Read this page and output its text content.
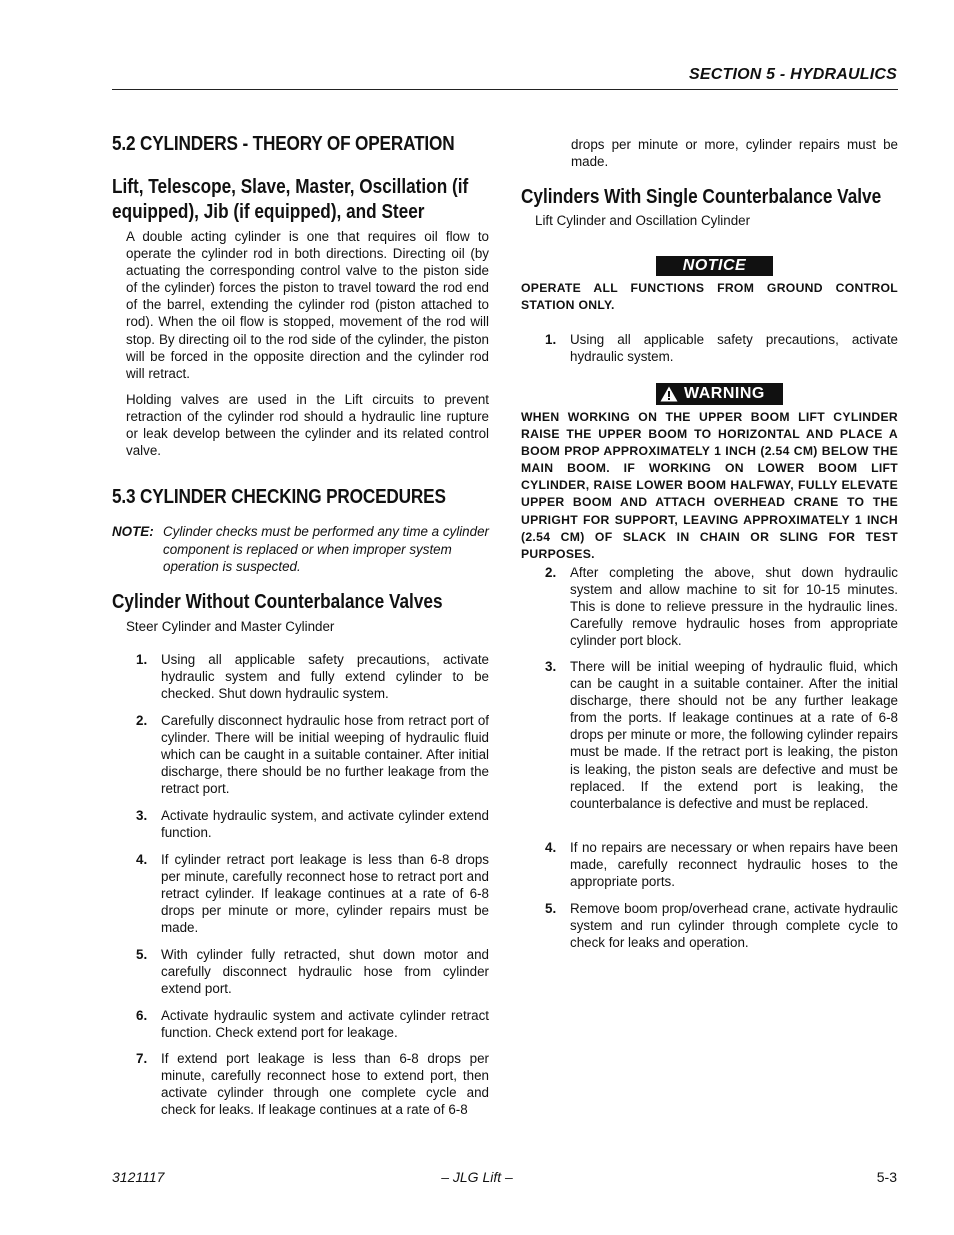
SECTION 5 - HYDRAULICS
5.2 CYLINDERS - THEORY OF OPERATION
Lift, Telescope, Slave, Master, Oscillation (if
equipped), Jib (if equipped), and Steer
A double acting cylinder is one that requires oil flow to operate the cylinder rod in both directions. Directing oil (by actuating the corresponding control valve to the piston side of the cylinder) forces the piston to travel toward the rod end of the barrel, extending the cylinder rod (piston attached to rod). When the oil flow is stopped, movement of the rod will stop. By directing oil to the rod side of the cylinder, the piston will be forced in the opposite direction and the cylinder rod will retract.
Holding valves are used in the Lift circuits to prevent retraction of the cylinder rod should a hydraulic line rupture or leak develop between the cylinder and its related control valve.
5.3 CYLINDER CHECKING PROCEDURES
NOTE: Cylinder checks must be performed any time a cylinder component is replaced or when improper system operation is suspected.
Cylinder Without Counterbalance Valves
Steer Cylinder and Master Cylinder
1. Using all applicable safety precautions, activate hydraulic system and fully extend cylinder to be checked. Shut down hydraulic system.
2. Carefully disconnect hydraulic hose from retract port of cylinder. There will be initial weeping of hydraulic fluid which can be caught in a suitable container. After initial discharge, there should be no further leakage from the retract port.
3. Activate hydraulic system, and activate cylinder extend function.
4. If cylinder retract port leakage is less than 6-8 drops per minute, carefully reconnect hose to retract port and retract cylinder. If leakage continues at a rate of 6-8 drops per minute or more, cylinder repairs must be made.
5. With cylinder fully retracted, shut down motor and carefully disconnect hydraulic hose from cylinder extend port.
6. Activate hydraulic system and activate cylinder retract function. Check extend port for leakage.
7. If extend port leakage is less than 6-8 drops per minute, carefully reconnect hose to extend port, then activate cylinder through one complete cycle and check for leaks. If leakage continues at a rate of 6-8
drops per minute or more, cylinder repairs must be made.
Cylinders With Single Counterbalance Valve
Lift Cylinder and Oscillation Cylinder
NOTICE
OPERATE ALL FUNCTIONS FROM GROUND CONTROL STATION ONLY.
1. Using all applicable safety precautions, activate hydraulic system.
WARNING
WHEN WORKING ON THE UPPER BOOM LIFT CYLINDER RAISE THE UPPER BOOM TO HORIZONTAL AND PLACE A BOOM PROP APPROXIMATELY 1 INCH (2.54 CM) BELOW THE MAIN BOOM. IF WORKING ON LOWER BOOM LIFT CYLINDER, RAISE LOWER BOOM HALFWAY, FULLY ELEVATE UPPER BOOM AND ATTACH OVERHEAD CRANE TO THE UPRIGHT FOR SUPPORT, LEAVING APPROXIMATELY 1 INCH (2.54 CM) OF SLACK IN CHAIN OR SLING FOR TEST PURPOSES.
2. After completing the above, shut down hydraulic system and allow machine to sit for 10-15 minutes. This is done to relieve pressure in the hydraulic lines. Carefully remove hydraulic hoses from appropriate cylinder port block.
3. There will be initial weeping of hydraulic fluid, which can be caught in a suitable container. After the initial discharge, there should not be any further leakage from the ports. If leakage continues at a rate of 6-8 drops per minute or more, the following cylinder repairs must be made. If the retract port is leaking, the piston is leaking, the piston seals are defective and must be replaced. If the extend port is leaking, the counterbalance is defective and must be replaced.
4. If no repairs are necessary or when repairs have been made, carefully reconnect hydraulic hoses to the appropriate ports.
5. Remove boom prop/overhead crane, activate hydraulic system and run cylinder through complete cycle to check for leaks and operation.
3121117	– JLG Lift –	5-3
